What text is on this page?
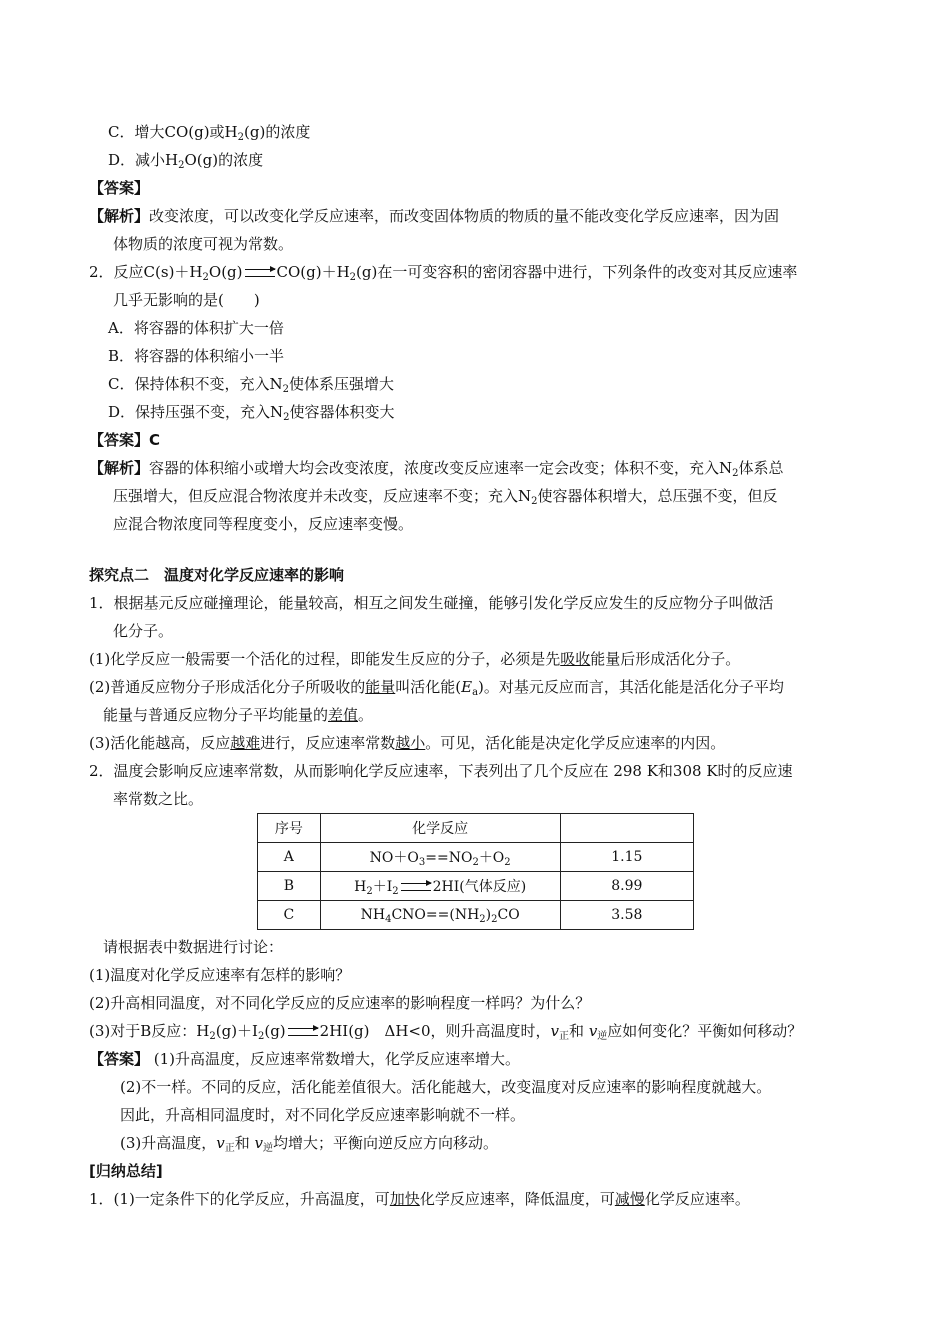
C．增大CO(g)或$H_2(g)$的浓度
D．减小$H_2O(g)$的浓度
【答案】
【解析】改变浓度，可以改变化学反应速率，而改变固体物质的物质的量不能改变化学反应速率，因为固
体物质的浓度可视为常数。
2．反应$C(s)+H_2O(g) \to CO(g)+H_2(g)$在一可变容积的密闭容器中进行，下列条件的改变对其反应速率
几乎无影响的是(　　)
A．将容器的体积扩大一倍
B．将容器的体积缩小一半
C．保持体积不变，充入$N_2$使体系压强增大
D．保持压强不变，充入$N_2$使容器体积变大
【答案】C
【解析】容器的体积缩小或增大均会改变浓度，浓度改变反应速率一定会改变；体积不变，充入$N_2$体系总
压强增大，但反应混合物浓度并未改变，反应速率不变；充入$N_2$使容器体积增大，总压强不变，但反
应混合物浓度同等程度变小，反应速率变慢。
探究点二　温度对化学反应速率的影响
1．根据基元反应碰撞理论，能量较高，相互之间发生碰撞，能够引发化学反应发生的反应物分子叫做活
化分子。
(1)化学反应一般需要一个活化的过程，即能发生反应的分子，必须是先吸收能量后形成活化分子。
(2)普通反应物分子形成活化分子所吸收的能量叫活化能$(E_a)$。对基元反应而言，其活化能是活化分子平均
能量与普通反应物分子平均能量的差值。
(3)活化能越高，反应越难进行，反应速率常数越小。可见，活化能是决定化学反应速率的内因。
2．温度会影响反应速率常数，从而影响化学反应速率，下表列出了几个反应在 298 K和308 K时的反应速
率常数之比。
序号	化学反应	
A	$NO+O_3==NO_2+O_2$	1.15
B	$H_2+I_2 \to 2HI$(气体反应)	8.99
C	$NH_4CNO==(NH_2)_2CO$	3.58
请根据表中数据进行讨论：
(1)温度对化学反应速率有怎样的影响？
(2)升高相同温度，对不同化学反应的反应速率的影响程度一样吗？为什么？
(3)对于B反应：$H_2(g)+I_2(g) \to 2HI(g)$　ΔH<0，则升高温度时，$v_正$和 $v_逆$应如何变化？平衡如何移动？
【答案】 (1)升高温度，反应速率常数增大，化学反应速率增大。
(2)不一样。不同的反应，活化能差值很大。活化能越大，改变温度对反应速率的影响程度就越大。
因此，升高相同温度时，对不同化学反应速率影响就不一样。
(3)升高温度，$v_正$和 $v_逆$均增大；平衡向逆反应方向移动。
[归纳总结]
1．(1)一定条件下的化学反应，升高温度，可加快化学反应速率，降低温度，可减慢化学反应速率。
